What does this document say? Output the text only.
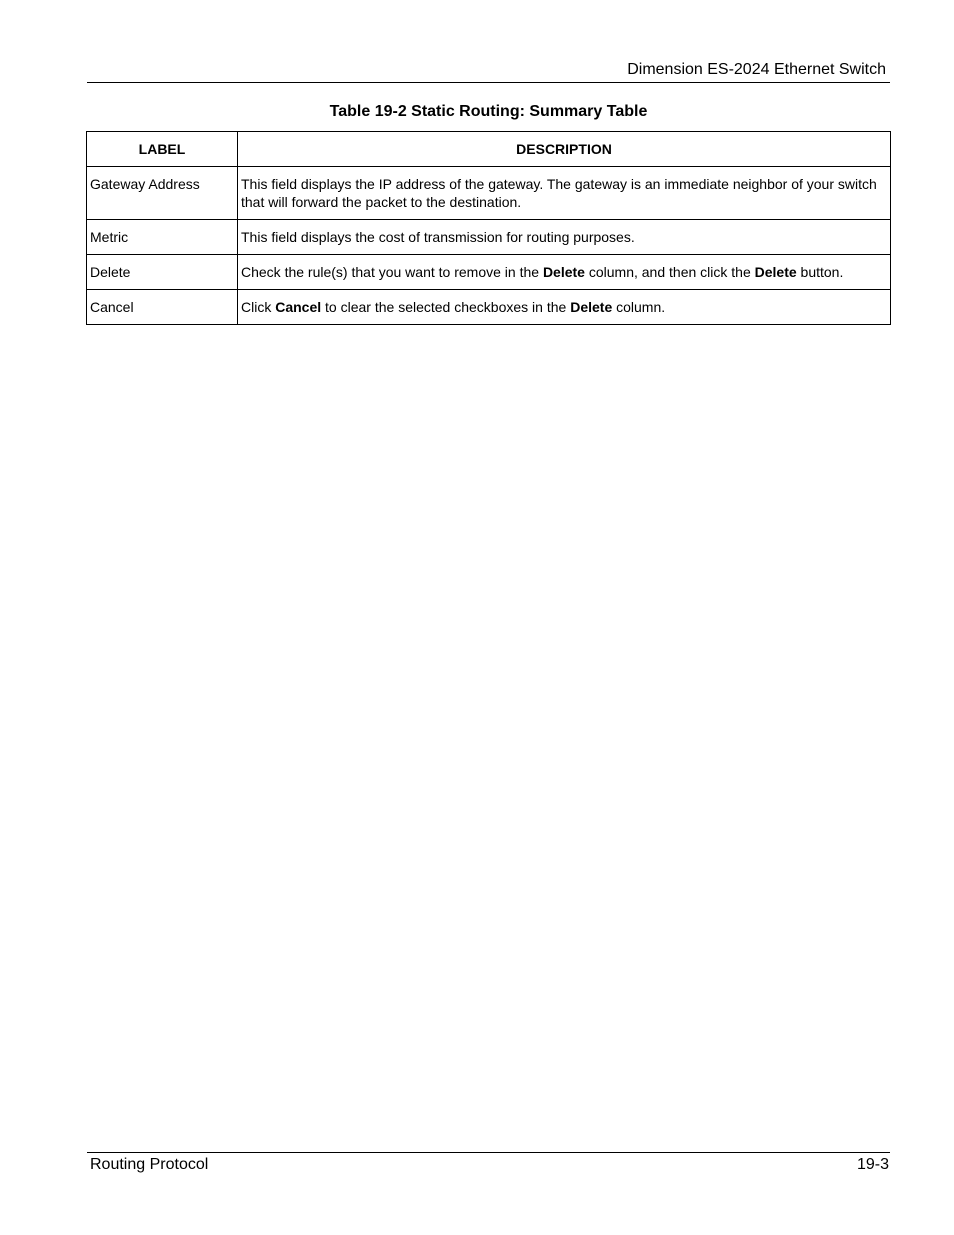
Dimension ES-2024 Ethernet Switch
Table 19-2 Static Routing: Summary Table
LABEL	DESCRIPTION
Gateway Address	This field displays the IP address of the gateway. The gateway is an immediate neighbor of your switch that will forward the packet to the destination.
Metric	This field displays the cost of transmission for routing purposes.
Delete	Check the rule(s) that you want to remove in the Delete column, and then click the Delete button.
Cancel	Click Cancel to clear the selected checkboxes in the Delete column.
Routing Protocol	19-3
